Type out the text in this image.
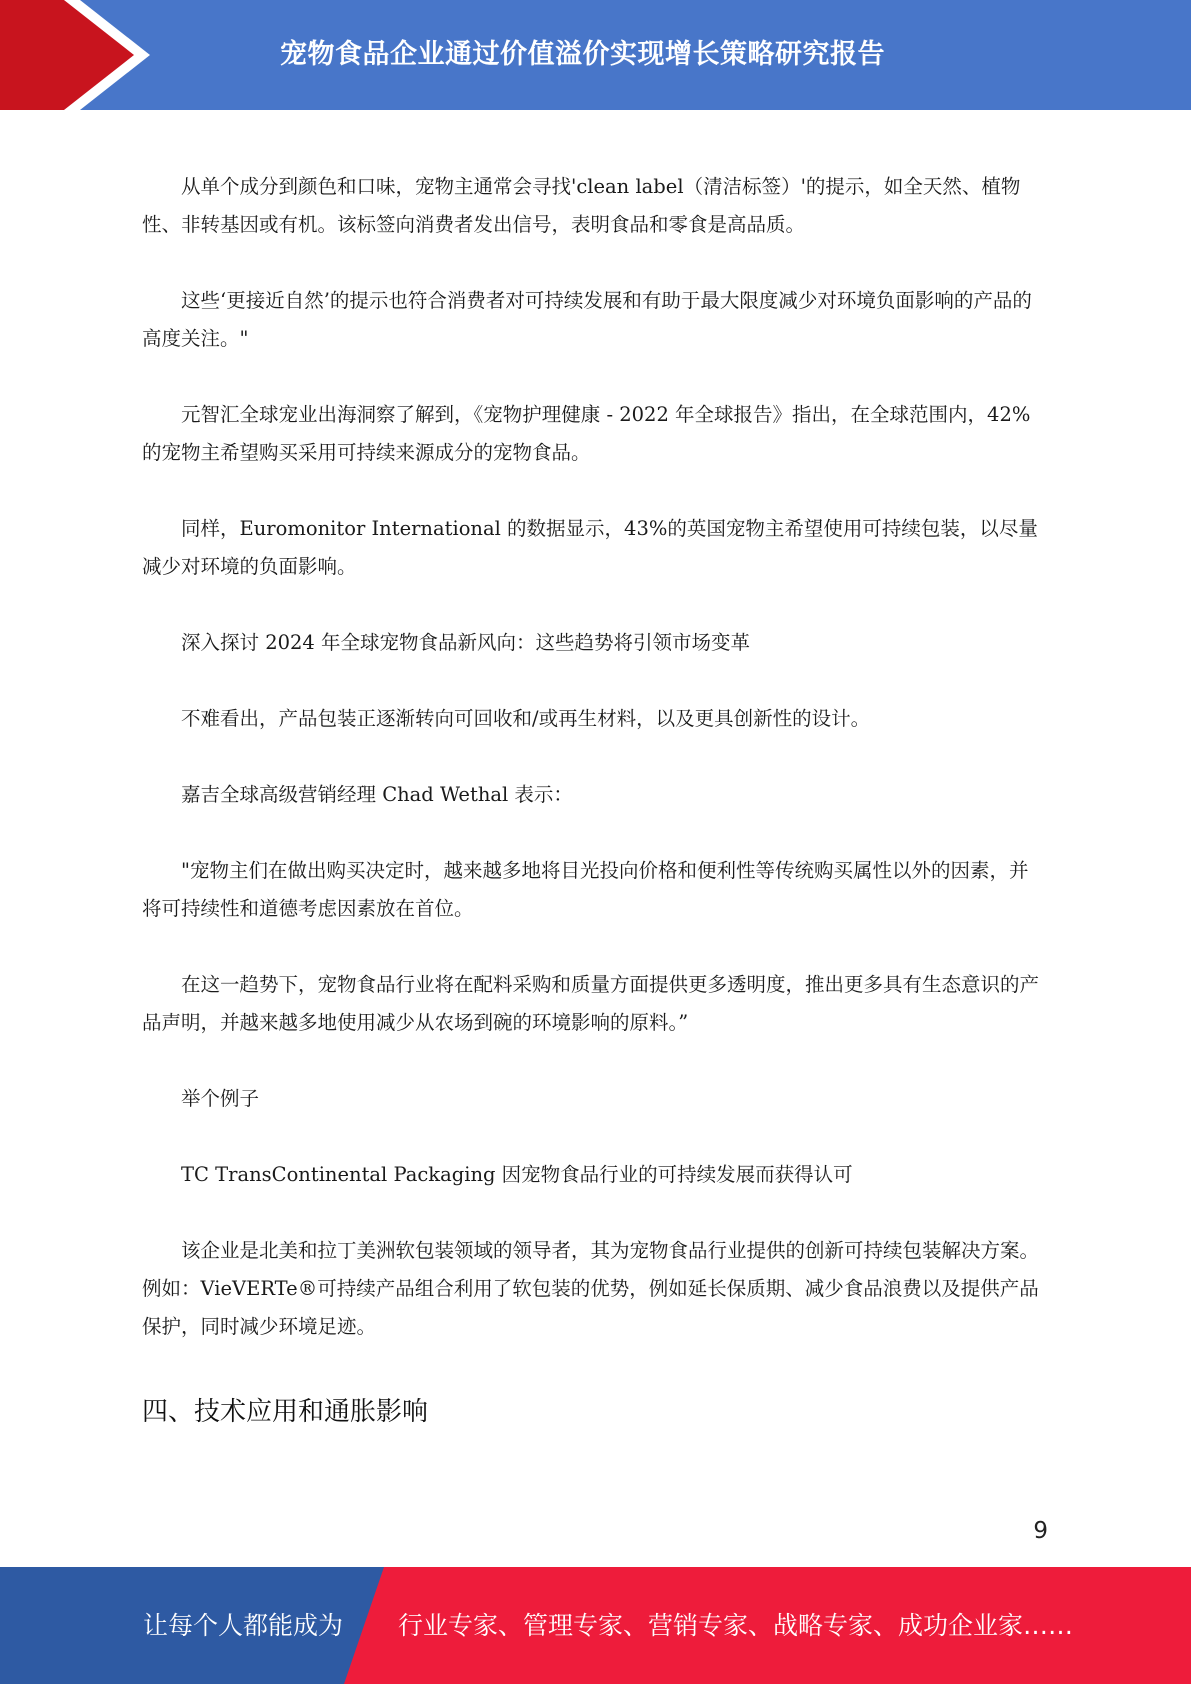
宠物食品企业通过价值溢价实现增长策略研究报告

从单个成分到颜色和口味，宠物主通常会寻找'clean label（清洁标签）'的提示，如全天然、植物性、非转基因或有机。该标签向消费者发出信号，表明食品和零食是高品质。

这些‘更接近自然’的提示也符合消费者对可持续发展和有助于最大限度减少对环境负面影响的产品的高度关注。"

元智汇全球宠业出海洞察了解到，《宠物护理健康 - 2022 年全球报告》指出，在全球范围内，42%的宠物主希望购买采用可持续来源成分的宠物食品。

同样，Euromonitor International 的数据显示，43%的英国宠物主希望使用可持续包装，以尽量减少对环境的负面影响。

深入探讨 2024 年全球宠物食品新风向：这些趋势将引领市场变革

不难看出，产品包装正逐渐转向可回收和/或再生材料，以及更具创新性的设计。

嘉吉全球高级营销经理 Chad Wethal 表示：

"宠物主们在做出购买决定时，越来越多地将目光投向价格和便利性等传统购买属性以外的因素，并将可持续性和道德考虑因素放在首位。

在这一趋势下，宠物食品行业将在配料采购和质量方面提供更多透明度，推出更多具有生态意识的产品声明，并越来越多地使用减少从农场到碗的环境影响的原料。”

举个例子

TC TransContinental Packaging 因宠物食品行业的可持续发展而获得认可

该企业是北美和拉丁美洲软包装领域的领导者，其为宠物食品行业提供的创新可持续包装解决方案。例如：VieVERTe®可持续产品组合利用了软包装的优势，例如延长保质期、减少食品浪费以及提供产品保护，同时减少环境足迹。

四、技术应用和通胀影响
9
让每个人都能成为 行业专家、管理专家、营销专家、战略专家、成功企业家……
